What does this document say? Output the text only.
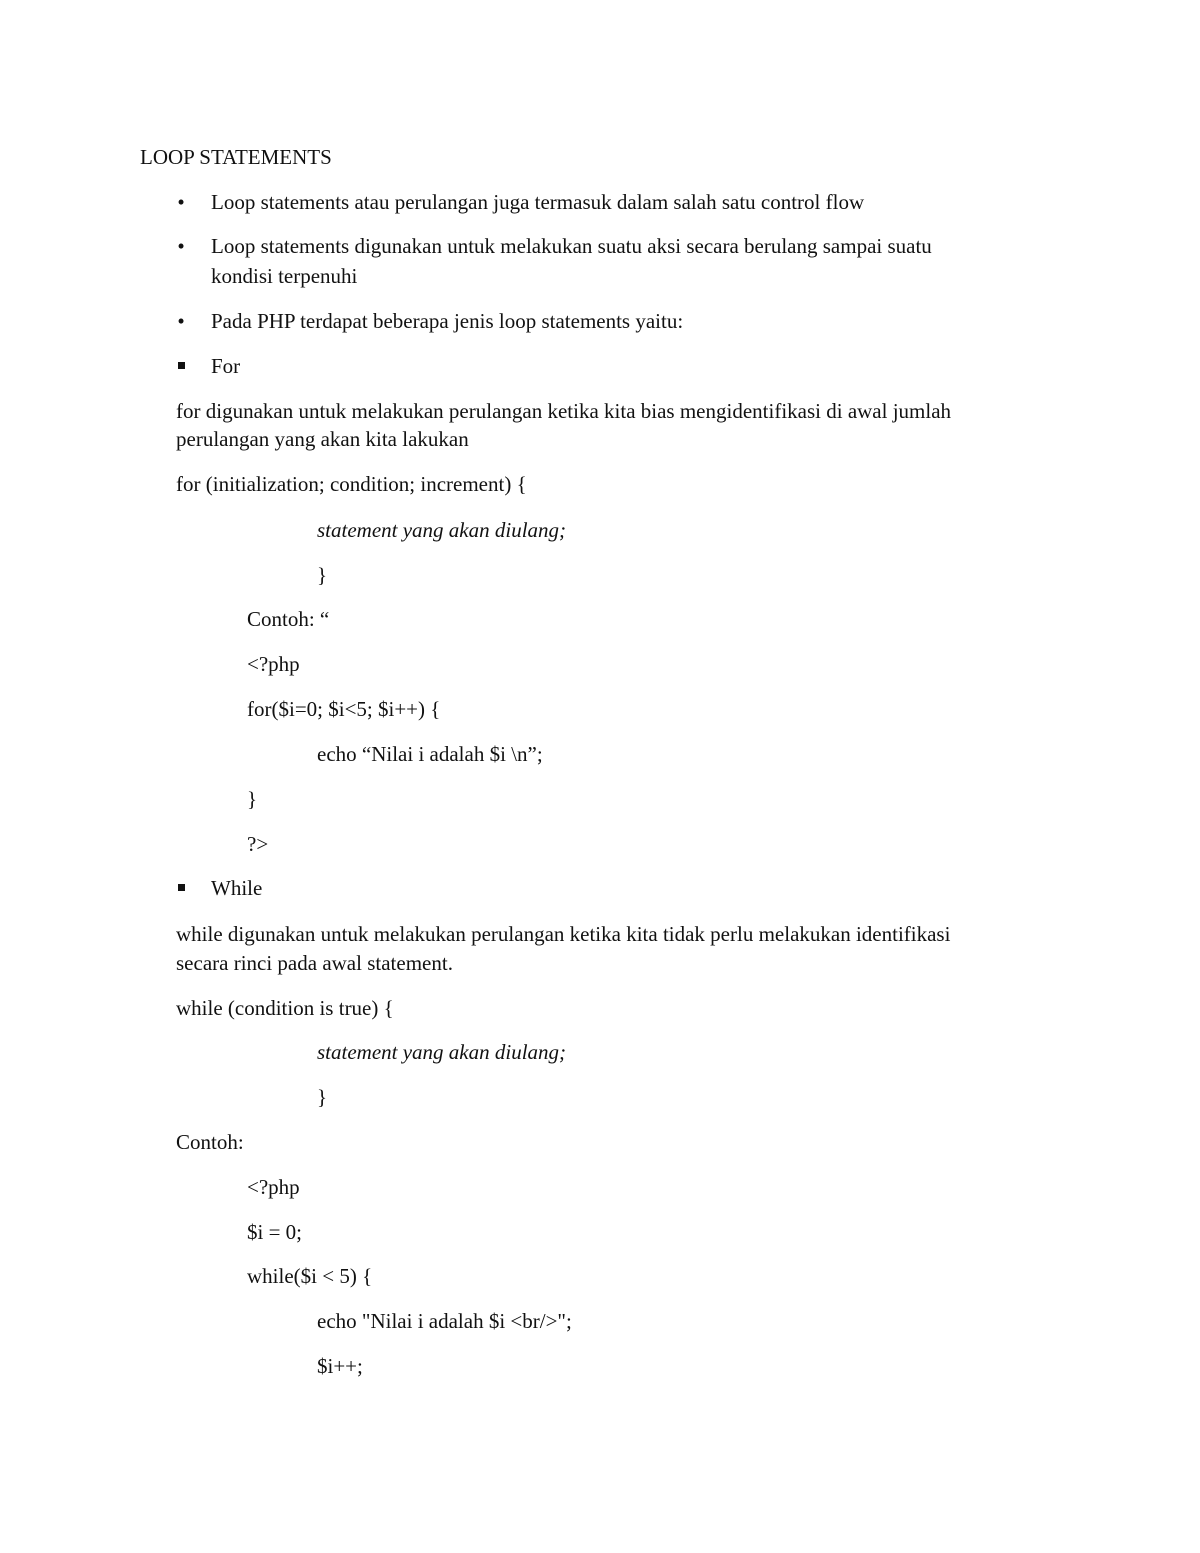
LOOP STATEMENTS

• Loop statements atau perulangan juga termasuk dalam salah satu control flow

• Loop statements digunakan untuk melakukan suatu aksi secara berulang sampai suatu

kondisi terpenuhi

• Pada PHP terdapat beberapa jenis loop statements yaitu:

For

for digunakan untuk melakukan perulangan ketika kita bias mengidentifikasi di awal jumlah

perulangan yang akan kita lakukan

for (initialization; condition; increment) {

statement yang akan diulang;

}

Contoh: “

<?php

for($i=0; $i<5; $i++) {

echo “Nilai i adalah $i \n”;

}

?>

While

while digunakan untuk melakukan perulangan ketika kita tidak perlu melakukan identifikasi

secara rinci pada awal statement.

while (condition is true) {

statement yang akan diulang;

}

Contoh:

<?php

$i = 0;

while($i < 5) {

echo "Nilai i adalah $i <br/>";

$i++;
